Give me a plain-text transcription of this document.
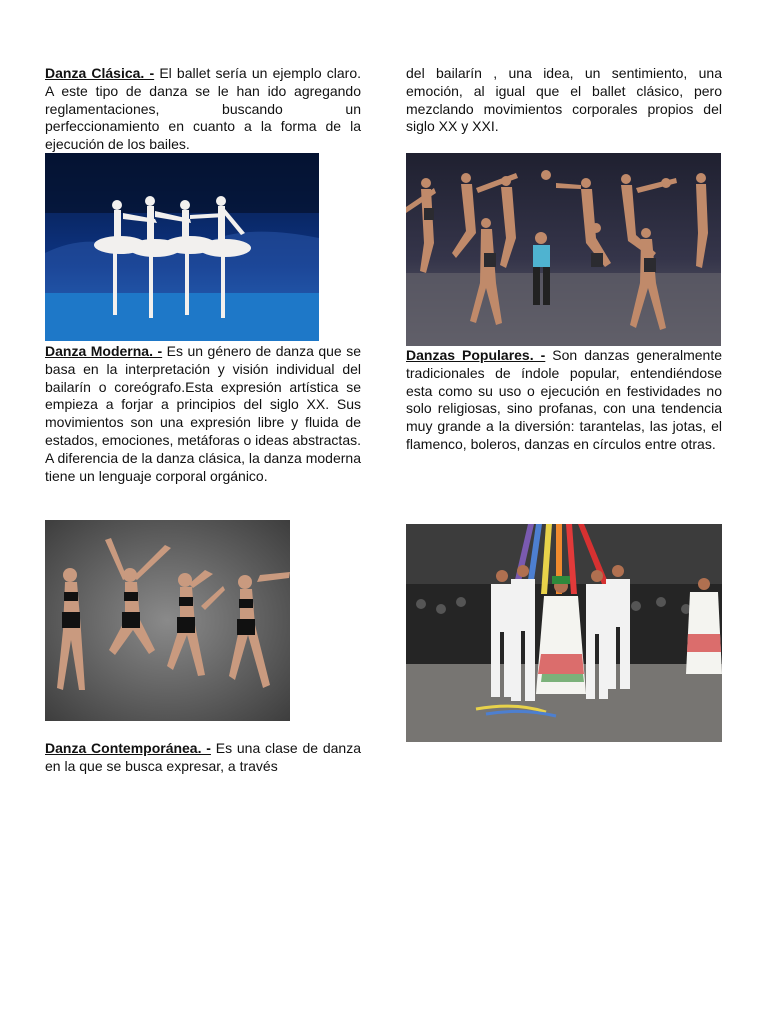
Danza Clásica. - El ballet sería un ejemplo claro. A este tipo de danza se le han ido agregando reglamentaciones, buscando un perfeccionamiento en cuanto a la forma de la ejecución de los bailes.

Danza Moderna. - Es un género de danza que se basa en la interpretación y visión individual del bailarín o coreógrafo.Esta expresión artística se empieza a forjar a principios del siglo XX. Sus movimientos son una expresión libre y fluida de estados, emociones, metáforas o ideas abstractas. A diferencia de la danza clásica, la danza moderna tiene un lenguaje corporal orgánico.

Danza Contemporánea. - Es una clase de danza en la que se busca expresar, a través

del bailarín , una idea, un sentimiento, una emoción, al igual que el ballet clásico, pero mezclando movimientos corporales propios del siglo XX y XXI.

Danzas Populares. - Son danzas generalmente tradicionales de índole popular, entendiéndose esta como su uso o ejecución en festividades no solo religiosas, sino profanas, con una tendencia muy grande a la diversión: tarantelas, las jotas, el flamenco, boleros, danzas en círculos entre otras.
